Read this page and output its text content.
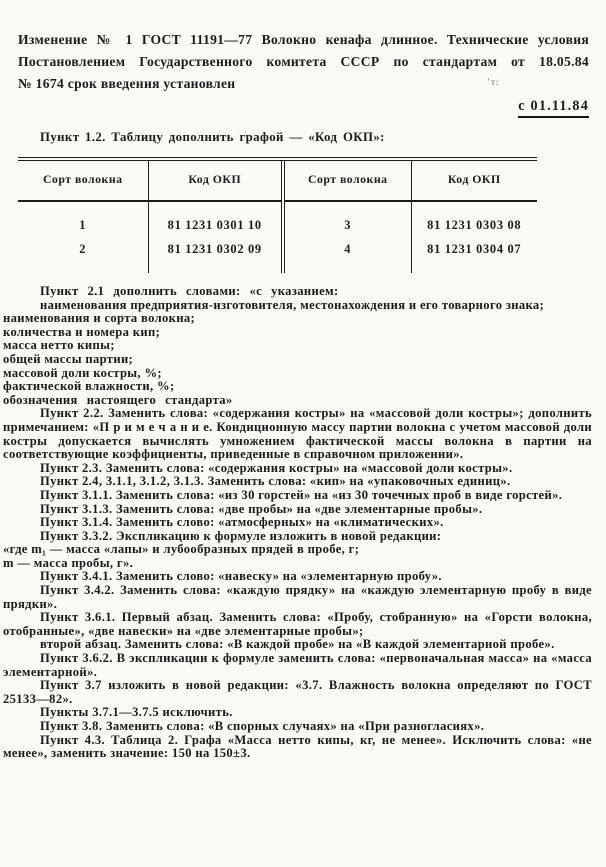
Изменение № 1 ГОСТ 11191—77 Волокно кенафа длинное. Технические условия
Постановлением Государственного комитета СССР по стандартам от 18.05.84
№ 1674 срок введения установлен	ʼт:
с 01.11.84

Пункт 1.2. Таблицу дополнить графой — «Код ОКП»:

Сорт волокна	Код ОКП	Сорт волокна	Код ОКП
1	81 1231 0301 10	3	81 1231 0303 08
2	81 1231 0302 09	4	81 1231 0304 07

Пункт 2.1 дополнить словами: «с указанием:

наименования предприятия-изготовителя, местонахождения и его товарного знака;

наименования и сорта волокна;

количества и номера кип;

масса нетто кипы;

общей массы партии;

массовой доли костры, %;

фактической влажности, %;

обозначения настоящего стандарта»

Пункт 2.2. Заменить слова: «содержания костры» на «массовой доли костры»; дополнить примечанием: «П р и м е ч а н и е. Кондиционную массу партии волокна с учетом массовой доли костры допускается вычислять умножением фактической массы волокна в партии на соответствующие коэффициенты, приведенные в справочном приложении».

Пункт 2.3. Заменить слова: «содержания костры» на «массовой доли костры».

Пункт 2.4, 3.1.1, 3.1.2, 3.1.3. Заменить слова: «кип» на «упаковочных единиц».

Пункт 3.1.1. Заменить слова: «из 30 горстей» на «из 30 точечных проб в виде горстей».

Пункт 3.1.3. Заменить слова: «две пробы» на «две элементарные пробы».

Пункт 3.1.4. Заменить слово: «атмосферных» на «климатических».

Пункт 3.3.2. Экспликацию к формуле изложить в новой редакции:

«где m₁ — масса «лапы» и лубообразных прядей в пробе, г;

m — масса пробы, г».

Пункт 3.4.1. Заменить слово: «навеску» на «элементарную пробу».

Пункт 3.4.2. Заменить слова: «каждую прядку» на «каждую элементарную пробу в виде прядки».

Пункт 3.6.1. Первый абзац. Заменить слова: «Пробу, стобранную» на «Горсти волокна, отобранные», «две навески» на «две элементарные пробы»;

второй абзац. Заменить слова: «В каждой пробе» на «В каждой элементарной пробе».

Пункт 3.6.2. В экспликации к формуле заменить слова: «первоначальная масса» на «масса элементарной».

Пункт 3.7 изложить в новой редакции: «3.7. Влажность волокна определяют по ГОСТ 25133—82».

Пункты 3.7.1—3.7.5 исключить.

Пункт 3.8. Заменить слова: «В спорных случаях» на «При разногласиях».

Пункт 4.3. Таблица 2. Графа «Масса нетто кипы, кг, не менее». Исключить слова: «не менее», заменить значение: 150 на 150±3.
